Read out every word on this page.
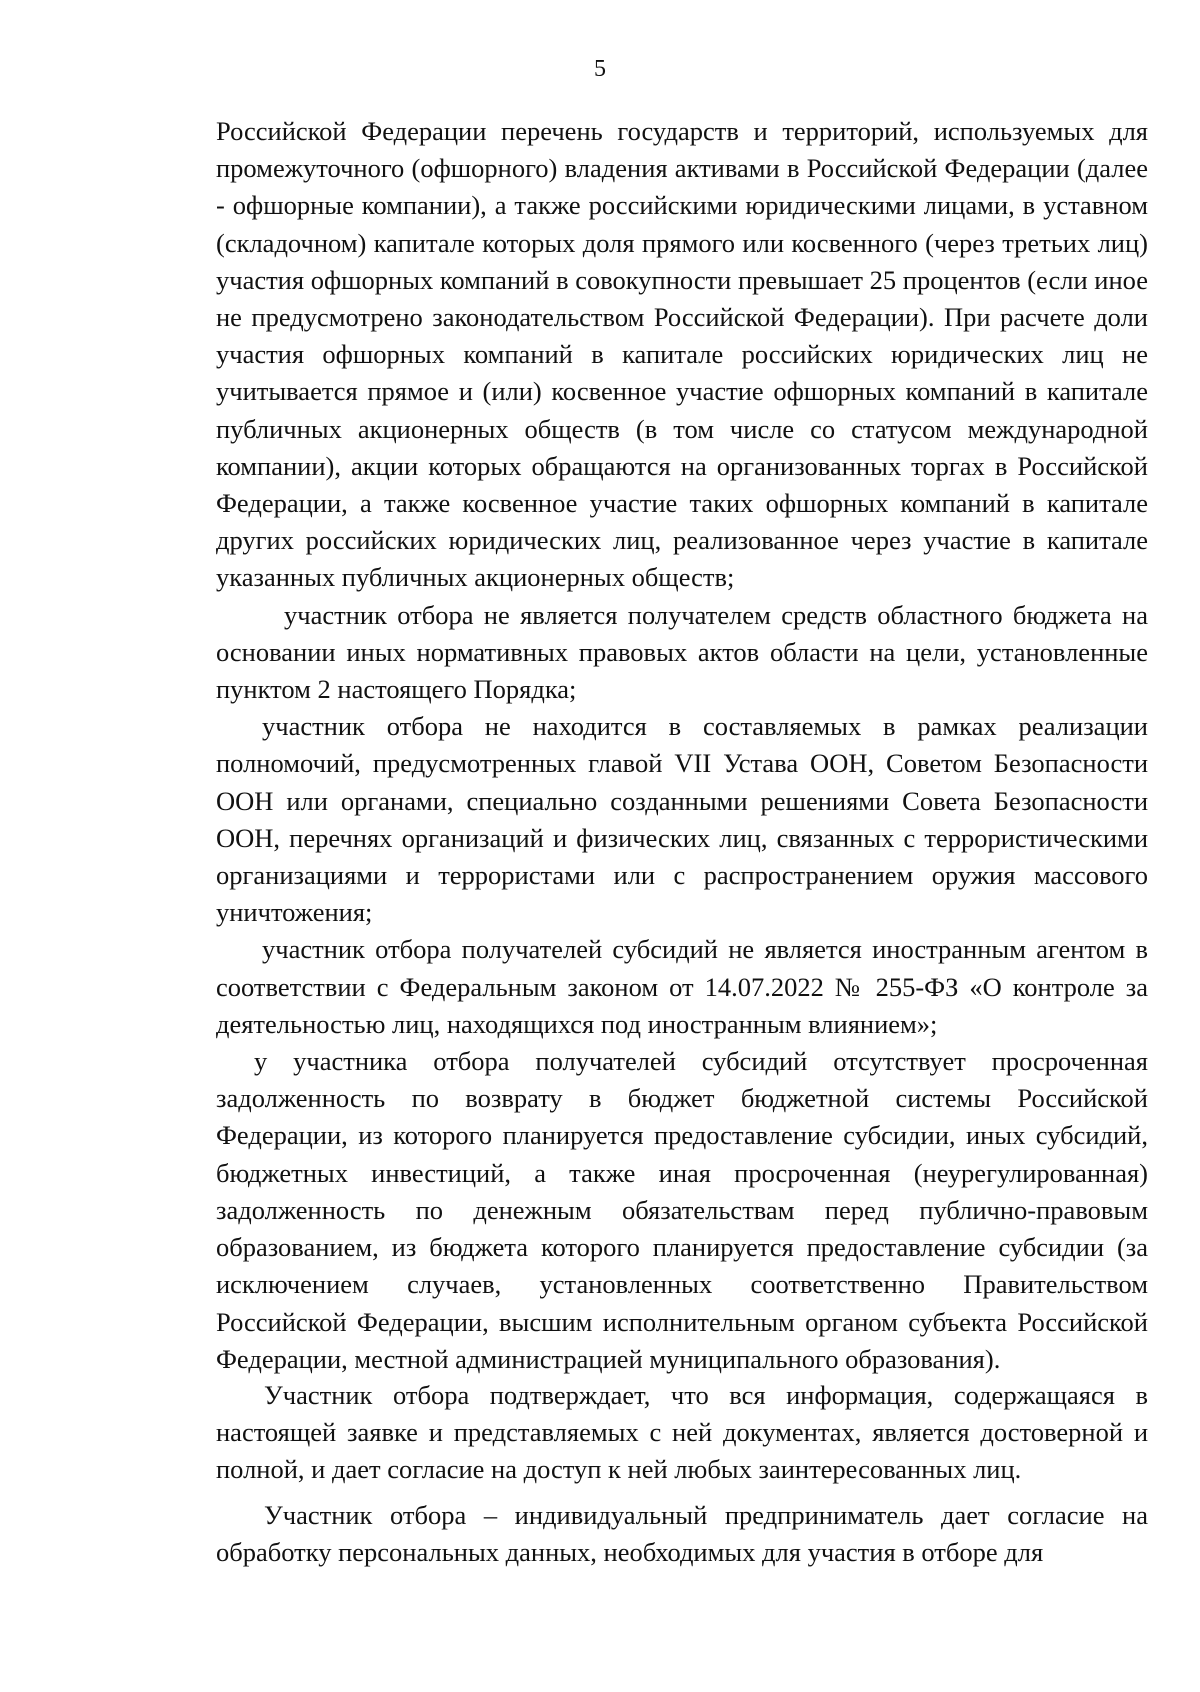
5

Российской Федерации перечень государств и территорий, используемых для промежуточного (офшорного) владения активами в Российской Федерации (далее - офшорные компании), а также российскими юридическими лицами, в уставном (складочном) капитале которых доля прямого или косвенного (через третьих лиц) участия офшорных компаний в совокупности превышает 25 процентов (если иное не предусмотрено законодательством Российской Федерации). При расчете доли участия офшорных компаний в капитале российских юридических лиц не учитывается прямое и (или) косвенное участие офшорных компаний в капитале публичных акционерных обществ (в том числе со статусом международной компании), акции которых обращаются на организованных торгах в Российской Федерации, а также косвенное участие таких офшорных компаний в капитале других российских юридических лиц, реализованное через участие в капитале указанных публичных акционерных обществ;

участник отбора не является получателем средств областного бюджета на основании иных нормативных правовых актов области на цели, установленные пунктом 2 настоящего Порядка;

участник отбора не находится в составляемых в рамках реализации полномочий, предусмотренных главой VII Устава ООН, Советом Безопасности ООН или органами, специально созданными решениями Совета Безопасности ООН, перечнях организаций и физических лиц, связанных с террористическими организациями и террористами или с распространением оружия массового уничтожения;

участник отбора получателей субсидий не является иностранным агентом в соответствии с Федеральным законом от 14.07.2022 № 255-ФЗ «О контроле за деятельностью лиц, находящихся под иностранным влиянием»;

у участника отбора получателей субсидий отсутствует просроченная задолженность по возврату в бюджет бюджетной системы Российской Федерации, из которого планируется предоставление субсидии, иных субсидий, бюджетных инвестиций, а также иная просроченная (неурегулированная) задолженность по денежным обязательствам перед публично-правовым образованием, из бюджета которого планируется предоставление субсидии (за исключением случаев, установленных соответственно Правительством Российской Федерации, высшим исполнительным органом субъекта Российской Федерации, местной администрацией муниципального образования).

Участник отбора подтверждает, что вся информация, содержащаяся в настоящей заявке и представляемых с ней документах, является достоверной и полной, и дает согласие на доступ к ней любых заинтересованных лиц.

Участник отбора – индивидуальный предприниматель дает согласие на обработку персональных данных, необходимых для участия в отборе для
